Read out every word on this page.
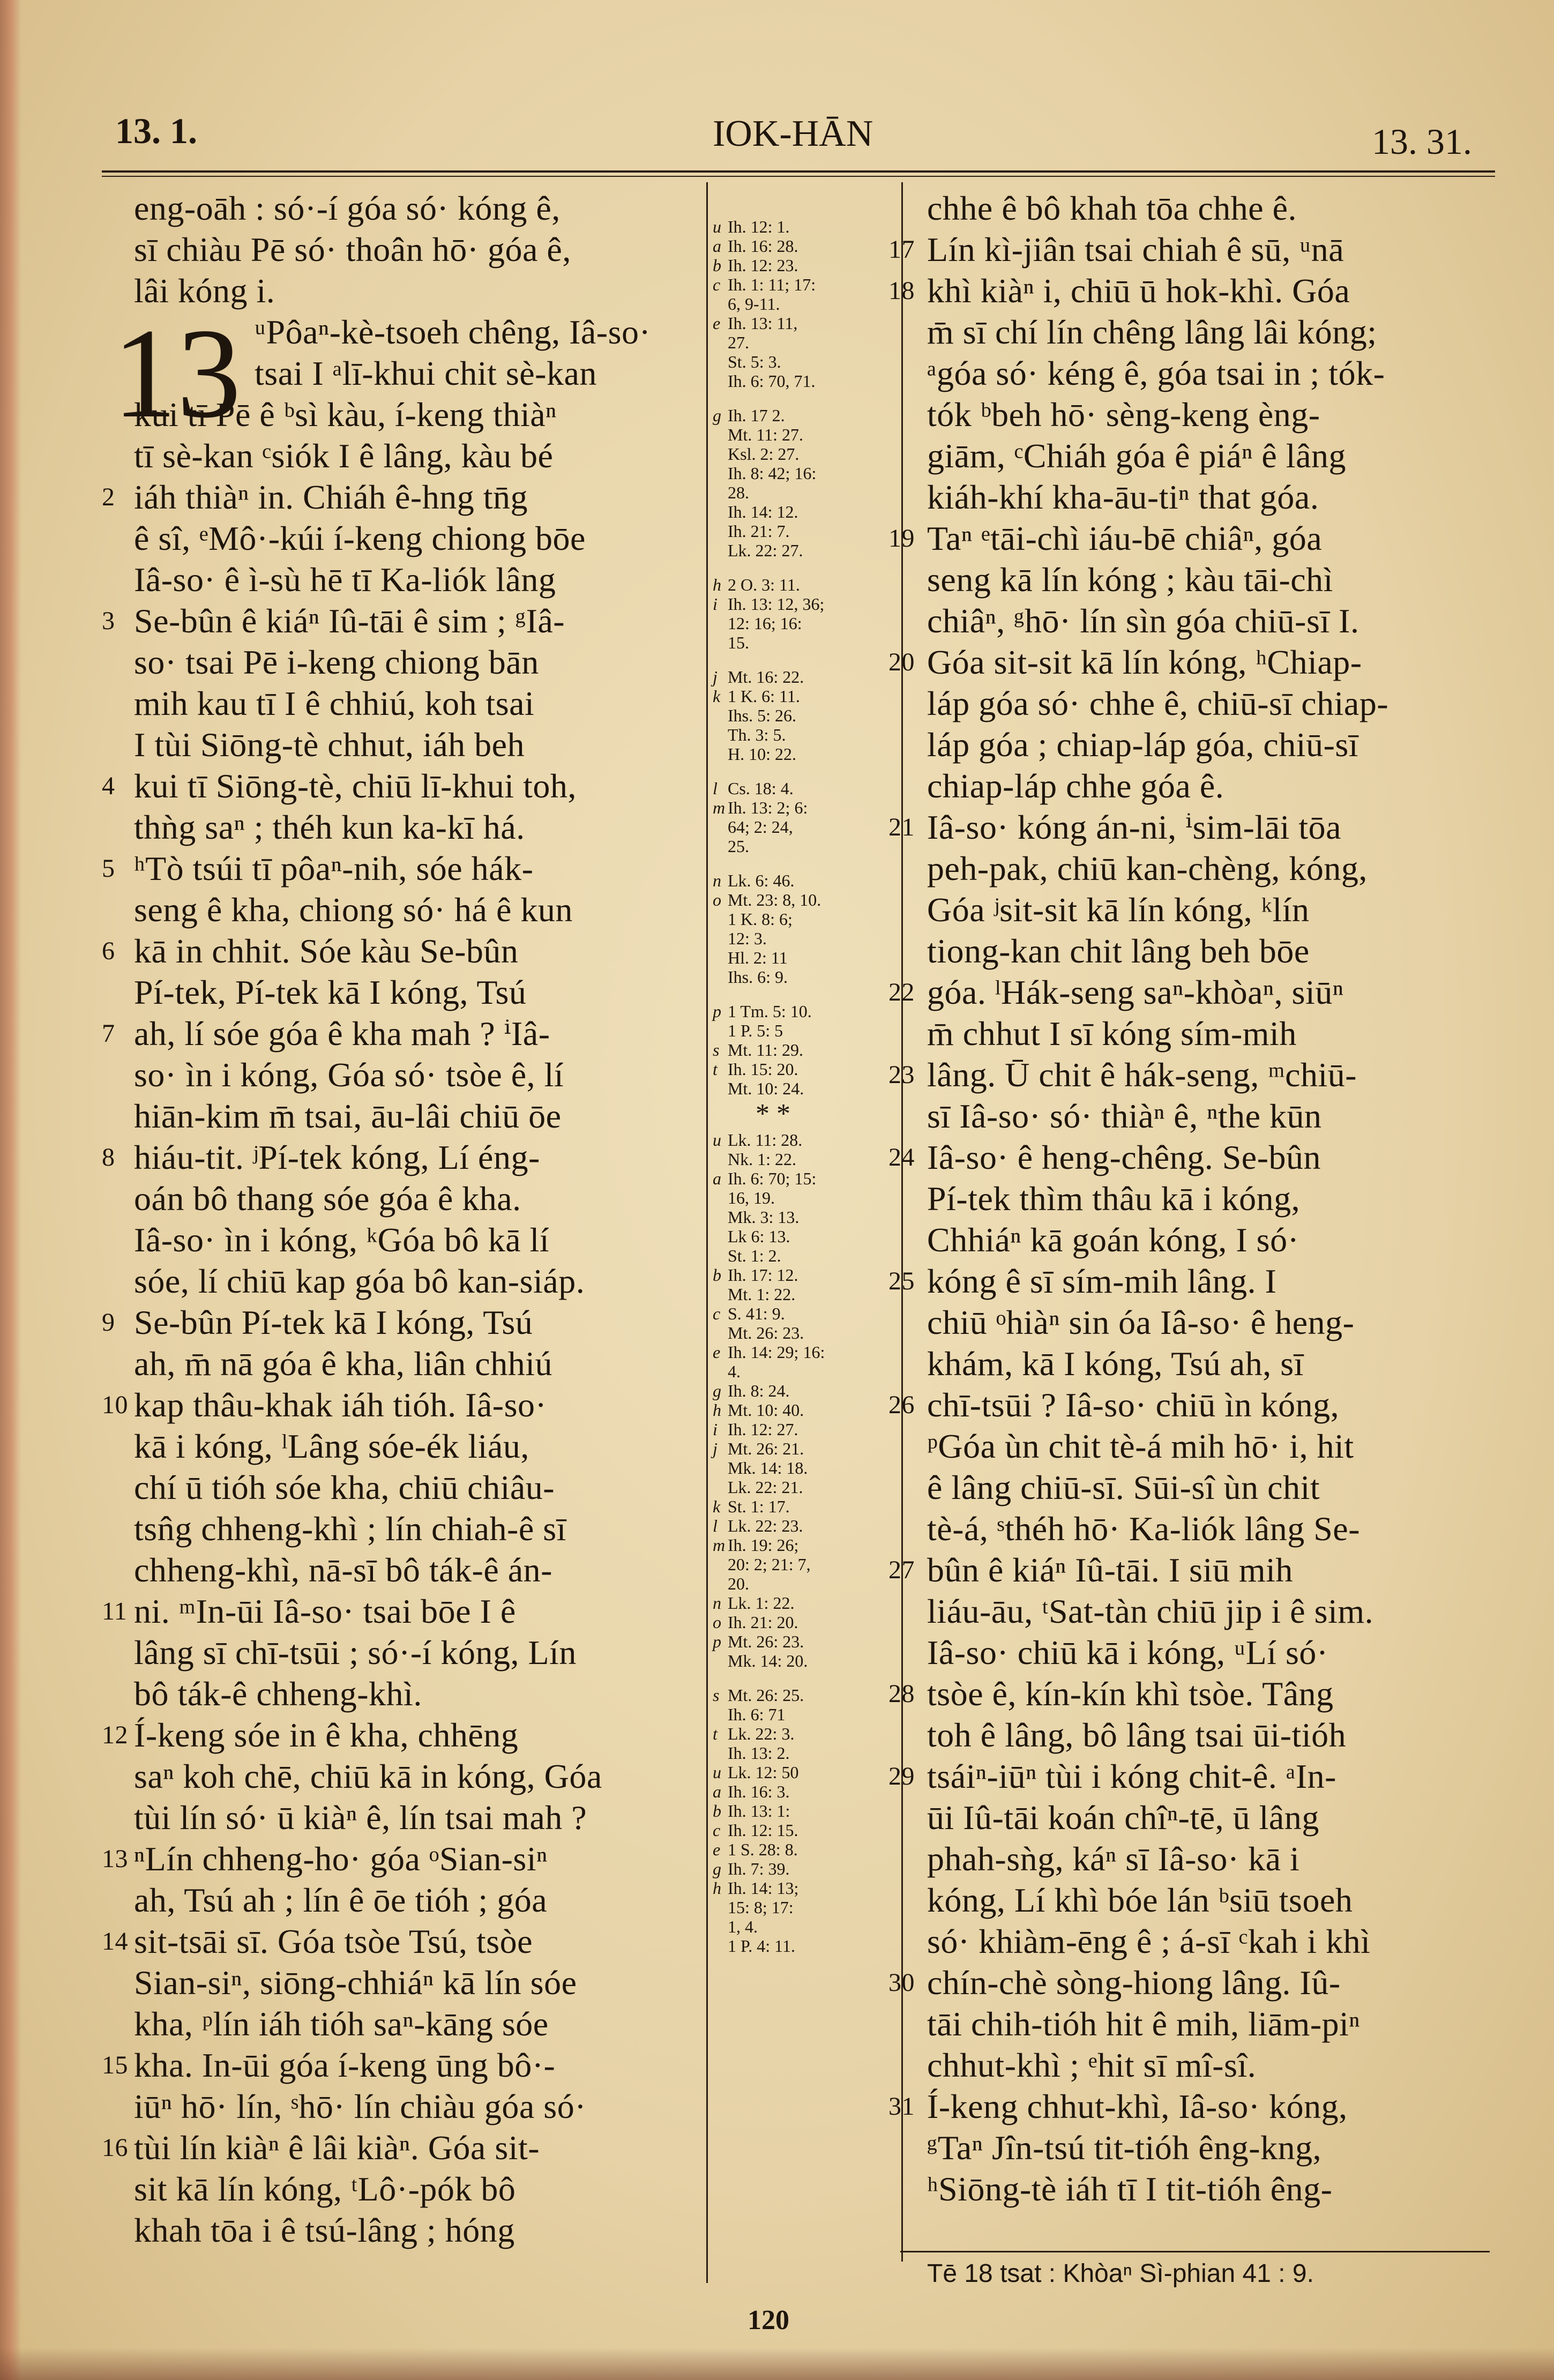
13. 1.	IOK-HĀN	13. 31.
13
eng-oāh : só·-í góa só· kóng ê,
sī chiàu Pē só· thoân hō· góa ê,
lâi kóng i.
ᵘPôaⁿ-kè-tsoeh chêng, Iâ-so·
tsai I ᵃlī-khui chit sè-kan
kui tī Pē ê ᵇsì kàu, í-keng thiàⁿ
tī sè-kan ᶜsiók I ê lâng, kàu bé
2 iáh thiàⁿ in. Chiáh ê-hng tn̄g
ê sî, ᵉMô·-kúi í-keng chiong bōe
Iâ-so· ê ì-sù hē tī Ka-liók lâng
3 Se-bûn ê kiáⁿ Iû-tāi ê sim ; ᵍIâ-
so· tsai Pē i-keng chiong bān
mih kau tī I ê chhiú, koh tsai
I tùi Siōng-tè chhut, iáh beh
4 kui tī Siōng-tè, chiū lī-khui toh,
thǹg saⁿ ; théh kun ka-kī há.
5 ʰTò tsúi tī pôaⁿ-nih, sóe hák-
seng ê kha, chiong só· há ê kun
6 kā in chhit. Sóe kàu Se-bûn
Pí-tek, Pí-tek kā I kóng, Tsú
7 ah, lí sóe góa ê kha mah ? ⁱIâ-
so· ìn i kóng, Góa só· tsòe ê, lí
hiān-kim m̄ tsai, āu-lâi chiū ōe
8 hiáu-tit. ʲPí-tek kóng, Lí éng-
oán bô thang sóe góa ê kha.
Iâ-so· ìn i kóng, ᵏGóa bô kā lí
sóe, lí chiū kap góa bô kan-siáp.
9 Se-bûn Pí-tek kā I kóng, Tsú
ah, m̄ nā góa ê kha, liân chhiú
10 kap thâu-khak iáh tióh. Iâ-so·
kā i kóng, ˡLâng sóe-ék liáu,
chí ū tióh sóe kha, chiū chiâu-
tsn̂g chheng-khì ; lín chiah-ê sī
chheng-khì, nā-sī bô ták-ê án-
11 ni. ᵐIn-ūi Iâ-so· tsai bōe I ê
lâng sī chī-tsūi ; só·-í kóng, Lín
bô ták-ê chheng-khì.
12 Í-keng sóe in ê kha, chhēng
saⁿ koh chē, chiū kā in kóng, Góa
tùi lín só· ū kiàⁿ ê, lín tsai mah ?
13 ⁿLín chheng-ho· góa ᵒSian-siⁿ
ah, Tsú ah ; lín ê ōe tióh ; góa
14 sit-tsāi sī. Góa tsòe Tsú, tsòe
Sian-siⁿ, siōng-chhiáⁿ kā lín sóe
kha, ᵖlín iáh tióh saⁿ-kāng sóe
15 kha. In-ūi góa í-keng ūng bô·-
iūⁿ hō· lín, ˢhō· lín chiàu góa só·
16 tùi lín kiàⁿ ê lâi kiàⁿ. Góa sit-
sit kā lín kóng, ᵗLô·-pók bô
khah tōa i ê tsú-lâng ; hóng
u Ih. 12: 1.
a Ih. 16: 28.
b Ih. 12: 23.
c Ih. 1: 11; 17:
6, 9-11.
e Ih. 13: 11,
27.
St. 5: 3.
Ih. 6: 70, 71.
g Ih. 17 2.
Mt. 11: 27.
Ksl. 2: 27.
Ih. 8: 42; 16:
28.
Ih. 14: 12.
Ih. 21: 7.
Lk. 22: 27.
h 2 O. 3: 11.
i Ih. 13: 12, 36;
12: 16; 16:
15.
j Mt. 16: 22.
k 1 K. 6: 11.
Ihs. 5: 26.
Th. 3: 5.
H. 10: 22.
l Cs. 18: 4.
m Ih. 13: 2; 6:
64; 2: 24,
25.
n Lk. 6: 46.
o Mt. 23: 8, 10.
1 K. 8: 6;
12: 3.
Hl. 2: 11
Ihs. 6: 9.
p 1 Tm. 5: 10.
1 P. 5: 5
s Mt. 11: 29.
t Ih. 15: 20.
Mt. 10: 24.
* *
u Lk. 11: 28.
Nk. 1: 22.
a Ih. 6: 70; 15:
16, 19.
Mk. 3: 13.
Lk 6: 13.
St. 1: 2.
b Ih. 17: 12.
Mt. 1: 22.
c S. 41: 9.
Mt. 26: 23.
e Ih. 14: 29; 16:
4.
g Ih. 8: 24.
h Mt. 10: 40.
i Ih. 12: 27.
j Mt. 26: 21.
Mk. 14: 18.
Lk. 22: 21.
k St. 1: 17.
l Lk. 22: 23.
m Ih. 19: 26;
20: 2; 21: 7,
20.
n Lk. 1: 22.
o Ih. 21: 20.
p Mt. 26: 23.
Mk. 14: 20.
s Mt. 26: 25.
Ih. 6: 71
t Lk. 22: 3.
Ih. 13: 2.
u Lk. 12: 50
a Ih. 16: 3.
b Ih. 13: 1:
c Ih. 12: 15.
e 1 S. 28: 8.
g Ih. 7: 39.
h Ih. 14: 13;
15: 8; 17:
1, 4.
1 P. 4: 11.
chhe ê bô khah tōa chhe ê.
17 Lín kì-jiân tsai chiah ê sū, ᵘnā
18 khì kiàⁿ i, chiū ū hok-khì. Góa
m̄ sī chí lín chêng lâng lâi kóng;
ᵃgóa só· kéng ê, góa tsai in ; tók-
tók ᵇbeh hō· sèng-keng èng-
giām, ᶜChiáh góa ê piáⁿ ê lâng
kiáh-khí kha-āu-tiⁿ that góa.
19 Taⁿ ᵉtāi-chì iáu-bē chiâⁿ, góa
seng kā lín kóng ; kàu tāi-chì
chiâⁿ, ᵍhō· lín sìn góa chiū-sī I.
20 Góa sit-sit kā lín kóng, ʰChiap-
láp góa só· chhe ê, chiū-sī chiap-
láp góa ; chiap-láp góa, chiū-sī
chiap-láp chhe góa ê.
21 Iâ-so· kóng án-ni, ⁱsim-lāi tōa
peh-pak, chiū kan-chèng, kóng,
Góa ʲsit-sit kā lín kóng, ᵏlín
tiong-kan chit lâng beh bōe
22 góa. ˡHák-seng saⁿ-khòaⁿ, siūⁿ
m̄ chhut I sī kóng sím-mih
23 lâng. Ū chit ê hák-seng, ᵐchiū-
sī Iâ-so· só· thiàⁿ ê, ⁿthe kūn
24 Iâ-so· ê heng-chêng. Se-bûn
Pí-tek thìm thâu kā i kóng,
Chhiáⁿ kā goán kóng, I só·
25 kóng ê sī sím-mih lâng. I
chiū ᵒhiàⁿ sin óa Iâ-so· ê heng-
khám, kā I kóng, Tsú ah, sī
26 chī-tsūi ? Iâ-so· chiū ìn kóng,
ᵖGóa ùn chit tè-á mih hō· i, hit
ê lâng chiū-sī. Sūi-sî ùn chit
tè-á, ˢthéh hō· Ka-liók lâng Se-
27 bûn ê kiáⁿ Iû-tāi. I siū mih
liáu-āu, ᵗSat-tàn chiū jip i ê sim.
Iâ-so· chiū kā i kóng, ᵘLí só·
28 tsòe ê, kín-kín khì tsòe. Tâng
toh ê lâng, bô lâng tsai ūi-tióh
29 tsáiⁿ-iūⁿ tùi i kóng chit-ê. ᵃIn-
ūi Iû-tāi koán chîⁿ-tē, ū lâng
phah-sǹg, káⁿ sī Iâ-so· kā i
kóng, Lí khì bóe lán ᵇsiū tsoeh
só· khiàm-ēng ê ; á-sī ᶜkah i khì
30 chín-chè sòng-hiong lâng. Iû-
tāi chih-tióh hit ê mih, liām-piⁿ
chhut-khì ; ᵉhit sī mî-sî.
31 Í-keng chhut-khì, Iâ-so· kóng,
ᵍTaⁿ Jîn-tsú tit-tióh êng-kng,
ʰSiōng-tè iáh tī I tit-tióh êng-
Tē 18 tsat : Khòaⁿ Sì-phian 41 : 9.
120
